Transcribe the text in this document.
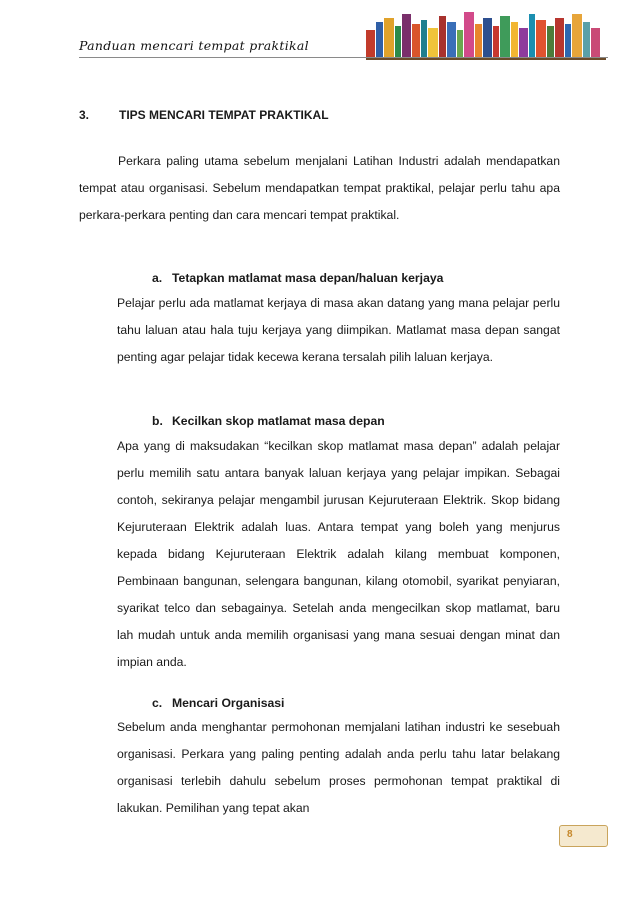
Panduan mencari tempat praktikal
3. TIPS MENCARI TEMPAT PRAKTIKAL

Perkara paling utama sebelum menjalani Latihan Industri adalah mendapatkan tempat atau organisasi. Sebelum mendapatkan tempat praktikal, pelajar perlu tahu apa perkara-perkara penting dan cara mencari tempat praktikal.

a. Tetapkan matlamat masa depan/haluan kerjaya

Pelajar perlu ada matlamat kerjaya di masa akan datang yang mana pelajar perlu tahu laluan atau hala tuju kerjaya yang diimpikan. Matlamat masa depan sangat penting agar pelajar tidak kecewa kerana tersalah pilih laluan kerjaya.

b. Kecilkan skop matlamat masa depan

Apa yang di maksudakan “kecilkan skop matlamat masa depan” adalah pelajar perlu memilih satu antara banyak laluan kerjaya yang pelajar impikan. Sebagai contoh, sekiranya pelajar mengambil jurusan Kejuruteraan Elektrik. Skop bidang Kejuruteraan Elektrik adalah luas. Antara tempat yang boleh yang menjurus kepada bidang Kejuruteraan Elektrik adalah kilang membuat komponen, Pembinaan bangunan, selengara bangunan, kilang otomobil, syarikat penyiaran, syarikat telco dan sebagainya. Setelah anda mengecilkan skop matlamat, baru lah mudah untuk anda memilih organisasi yang mana sesuai dengan minat dan impian anda.

c. Mencari Organisasi

Sebelum anda menghantar permohonan memjalani latihan industri ke sesebuah organisasi. Perkara yang paling penting adalah anda perlu tahu latar belakang organisasi terlebih dahulu sebelum proses permohonan tempat praktikal di lakukan. Pemilihan yang tepat akan

8
